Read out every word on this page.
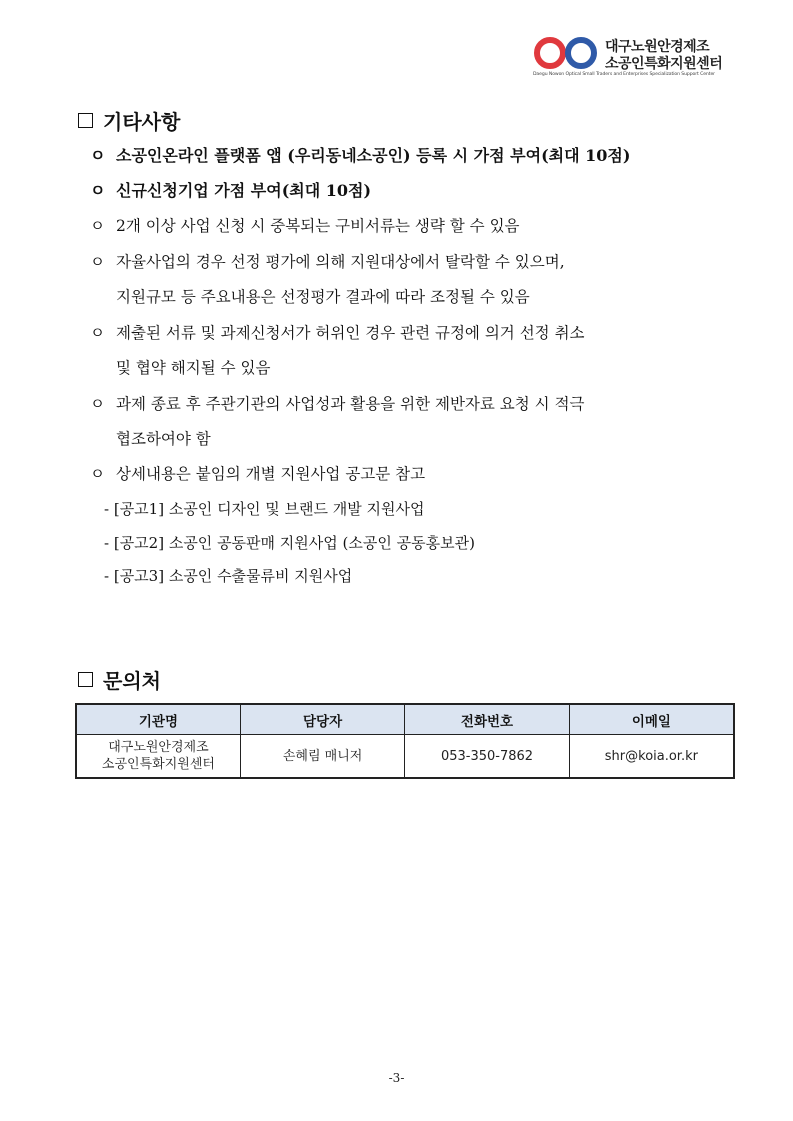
대구노원안경제조
소공인특화지원센터
Daegu Nowon Optical Small Traders and Enterprises Specialization Support Center
기타사항
ㅇ 소공인온라인 플랫폼 앱 (우리동네소공인) 등록 시 가점 부여(최대 10점)
ㅇ 신규신청기업 가점 부여(최대 10점)
ㅇ 2개 이상 사업 신청 시 중복되는 구비서류는 생략 할 수 있음
ㅇ 자율사업의 경우 선정 평가에 의해 지원대상에서 탈락할 수 있으며,
지원규모 등 주요내용은 선정평가 결과에 따라 조정될 수 있음
ㅇ 제출된 서류 및 과제신청서가 허위인 경우 관련 규정에 의거 선정 취소
및 협약 해지될 수 있음
ㅇ 과제 종료 후 주관기관의 사업성과 활용을 위한 제반자료 요청 시 적극
협조하여야 함
ㅇ 상세내용은 붙임의 개별 지원사업 공고문 참고
- [공고1] 소공인 디자인 및 브랜드 개발 지원사업
- [공고2] 소공인 공동판매 지원사업 (소공인 공동홍보관)
- [공고3] 소공인 수출물류비 지원사업
문의처
기관명	담당자	전화번호	이메일

대구노원안경제조
소공인특화지원센터	손혜림 매니저	053-350-7862	shr@koia.or.kr
-3-
